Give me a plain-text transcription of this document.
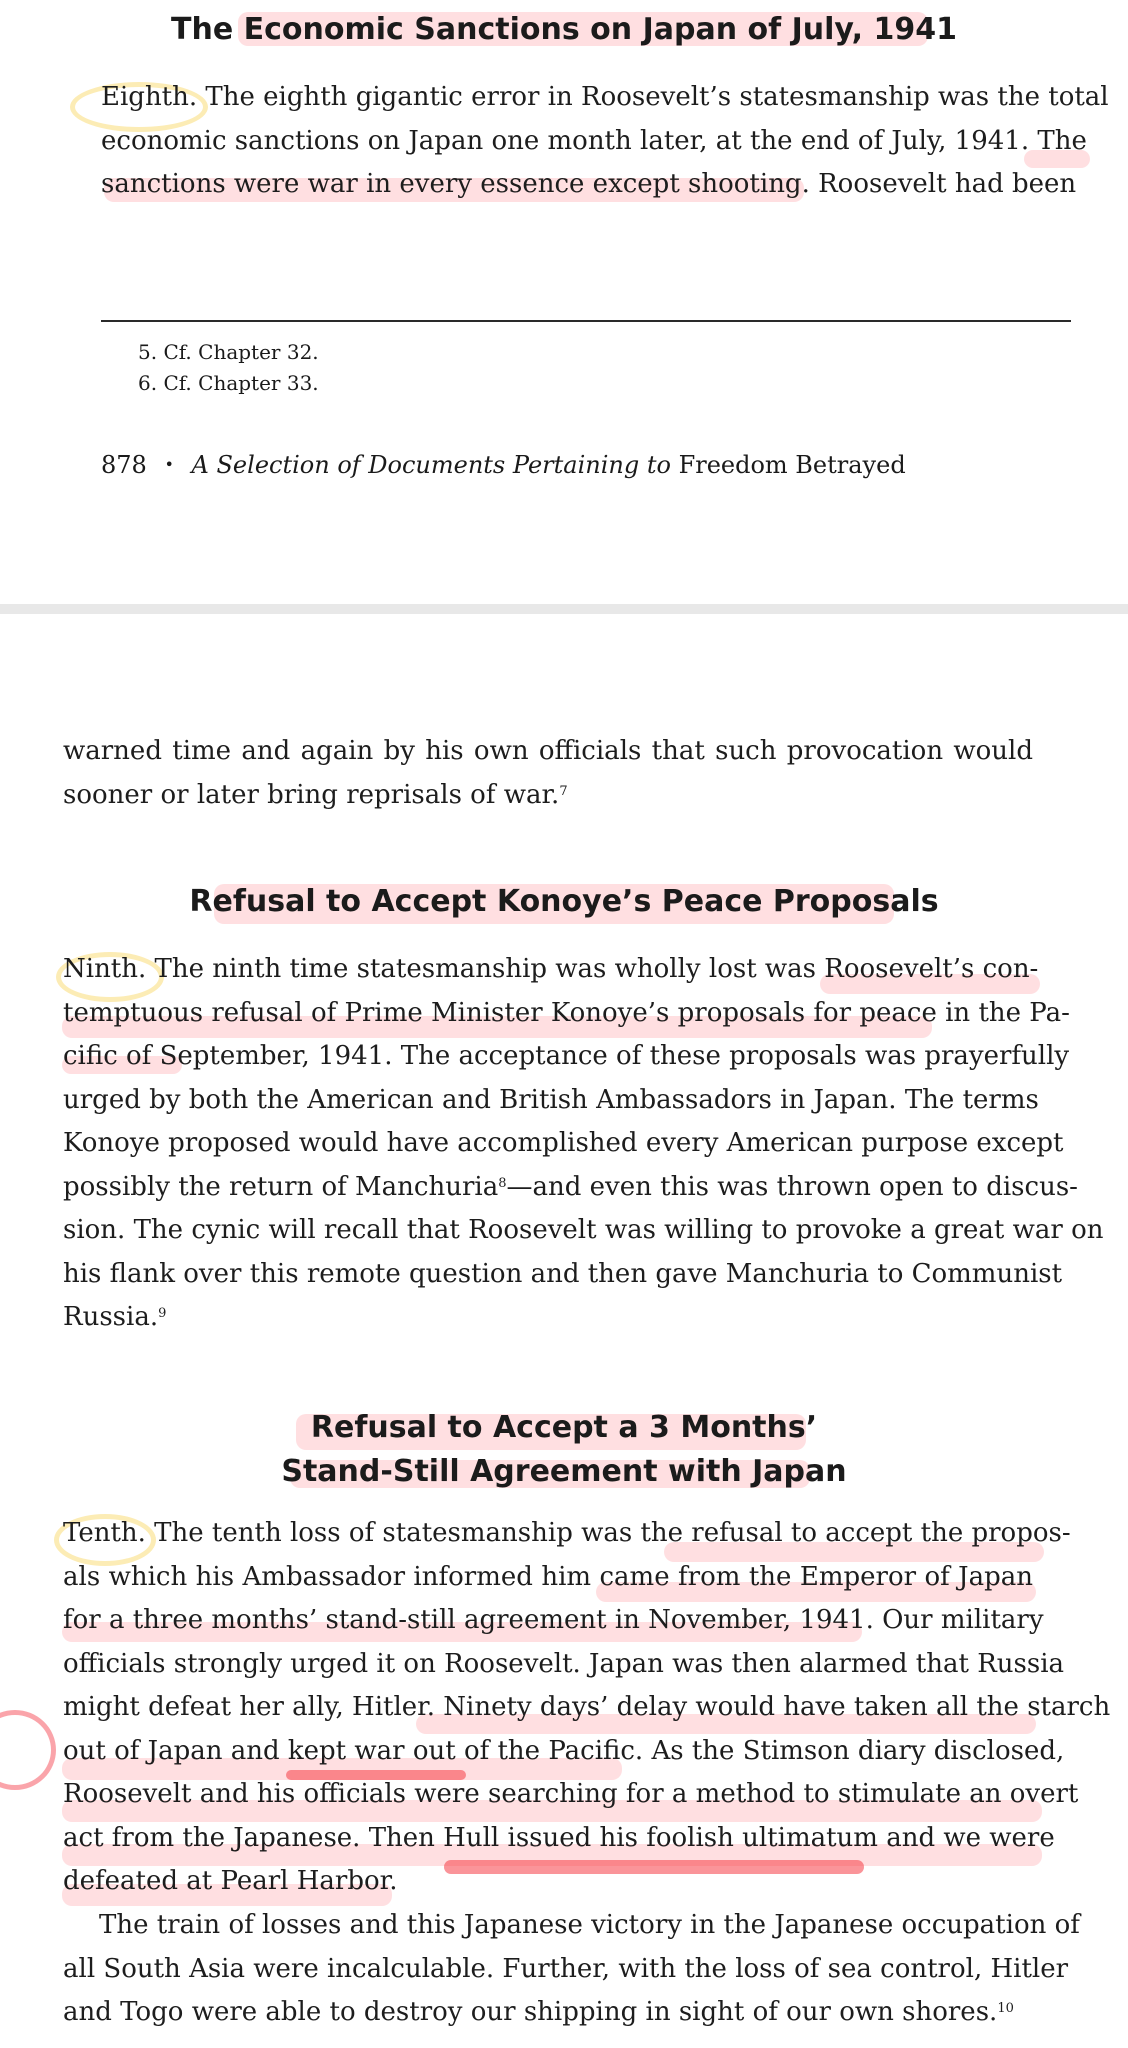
The Economic Sanctions on Japan of July, 1941
Eighth. The eighth gigantic error in Roosevelt’s statesmanship was the total
economic sanctions on Japan one month later, at the end of July, 1941. The
sanctions were war in every essence except shooting. Roosevelt had been
5. Cf. Chapter 32.
6. Cf. Chapter 33.
878 • A Selection of Documents Pertaining to Freedom Betrayed
warned time and again by his own officials that such provocation would
sooner or later bring reprisals of war.$^7$
Refusal to Accept Konoye’s Peace Proposals
Ninth. The ninth time statesmanship was wholly lost was Roosevelt’s con-
temptuous refusal of Prime Minister Konoye’s proposals for peace in the Pa-
cific of September, 1941. The acceptance of these proposals was prayerfully
urged by both the American and British Ambassadors in Japan. The terms
Konoye proposed would have accomplished every American purpose except
possibly the return of Manchuria$^8$—and even this was thrown open to discus-
sion. The cynic will recall that Roosevelt was willing to provoke a great war on
his flank over this remote question and then gave Manchuria to Communist
Russia.$^9$
Refusal to Accept a 3 Months’
Stand-Still Agreement with Japan
Tenth. The tenth loss of statesmanship was the refusal to accept the propos-
als which his Ambassador informed him came from the Emperor of Japan
for a three months’ stand-still agreement in November, 1941. Our military
officials strongly urged it on Roosevelt. Japan was then alarmed that Russia
might defeat her ally, Hitler. Ninety days’ delay would have taken all the starch
out of Japan and kept war out of the Pacific. As the Stimson diary disclosed,
Roosevelt and his officials were searching for a method to stimulate an overt
act from the Japanese. Then Hull issued his foolish ultimatum and we were
defeated at Pearl Harbor.
The train of losses and this Japanese victory in the Japanese occupation of
all South Asia were incalculable. Further, with the loss of sea control, Hitler
and Togo were able to destroy our shipping in sight of our own shores.$^{10}$
